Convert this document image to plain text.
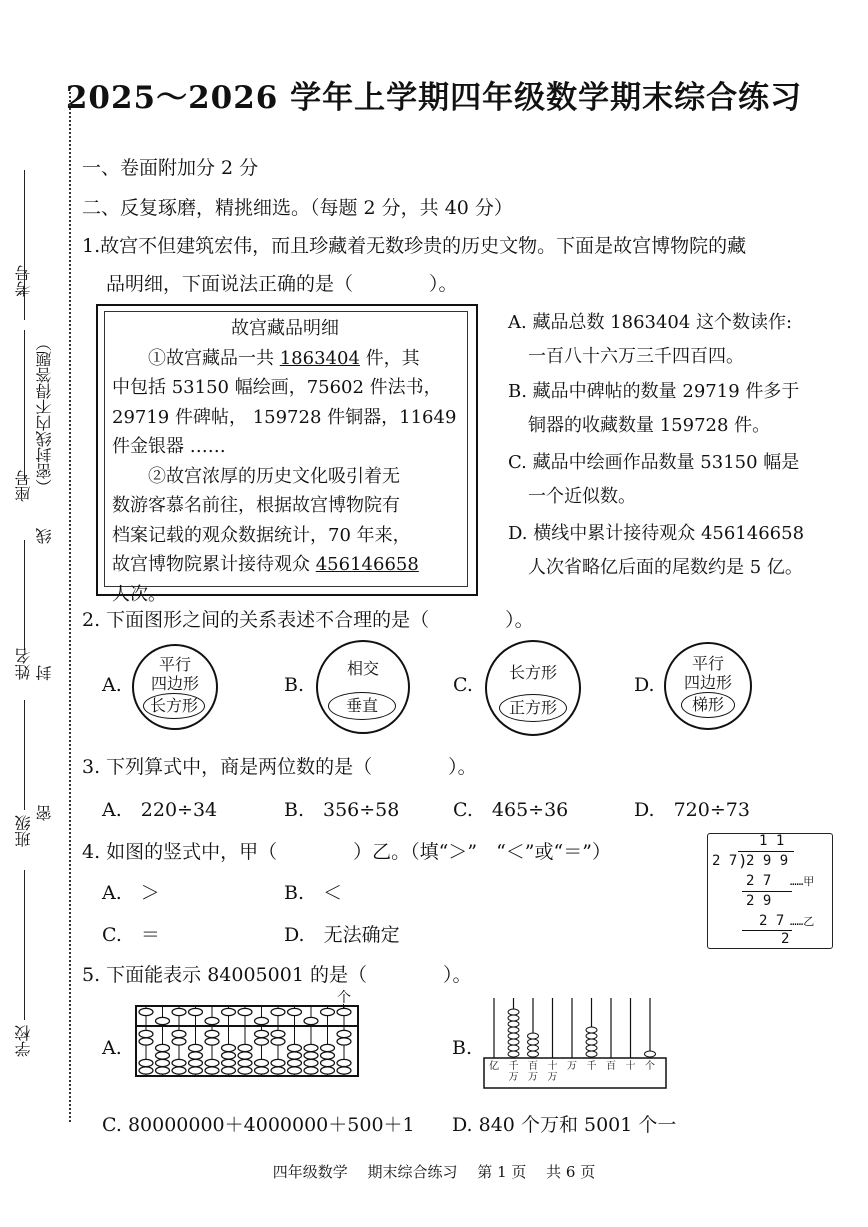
2025～2026 学年上学期四年级数学期末综合练习
考号
座号 （密封线内不得答题）
线
姓名 封
班级
密
学校
一、卷面附加分 2 分
二、反复琢磨，精挑细选。（每题 2 分，共 40 分）
1.故宫不但建筑宏伟，而且珍藏着无数珍贵的历史文物。下面是故宫博物院的藏
品明细，下面说法正确的是（　　　　）。
故宫藏品明细
①故宫藏品一共 1863404 件，其
中包括 53150 幅绘画，75602 件法书，
29719 件碑帖， 159728 件铜器，11649
件金银器 ……
②故宫浓厚的历史文化吸引着无
数游客慕名前往，根据故宫博物院有
档案记载的观众数据统计，70 年来，
故宫博物院累计接待观众 456146658
人次。
A. 藏品总数 1863404 这个数读作:
一百八十六万三千四百四。
B. 藏品中碑帖的数量 29719 件多于
铜器的收藏数量 159728 件。
C. 藏品中绘画作品数量 53150 幅是
一个近似数。
D. 横线中累计接待观众 456146658
人次省略亿后面的尾数约是 5 亿。
2. 下面图形之间的关系表述不合理的是（　　　　）。
A.
平行
四边形
长方形
B.
相交
垂直
C.
长方形
正方形
D.
平行
四边形
梯形
3. 下列算式中，商是两位数的是（　　　　）。
A.　220÷34	B.　356÷58	C.　465÷36	D.　720÷73
4. 如图的竖式中，甲（　　　　）乙。（填“＞”　“＜”或“＝”）
A.　＞	B.　＜
C.　＝	D.　无法确定
1 1
2 7 )
2 9 9
2 7 ……甲
2 9
2 7 ……乙
2
5. 下面能表示 84005001 的是（　　　　）。
A.	B.
个
亿 千万
百万
十万
万 千 百 十 个
C. 80000000＋4000000＋500＋1 D. 840 个万和 5001 个一
四年级数学　 期末综合练习　 第 1 页　 共 6 页
